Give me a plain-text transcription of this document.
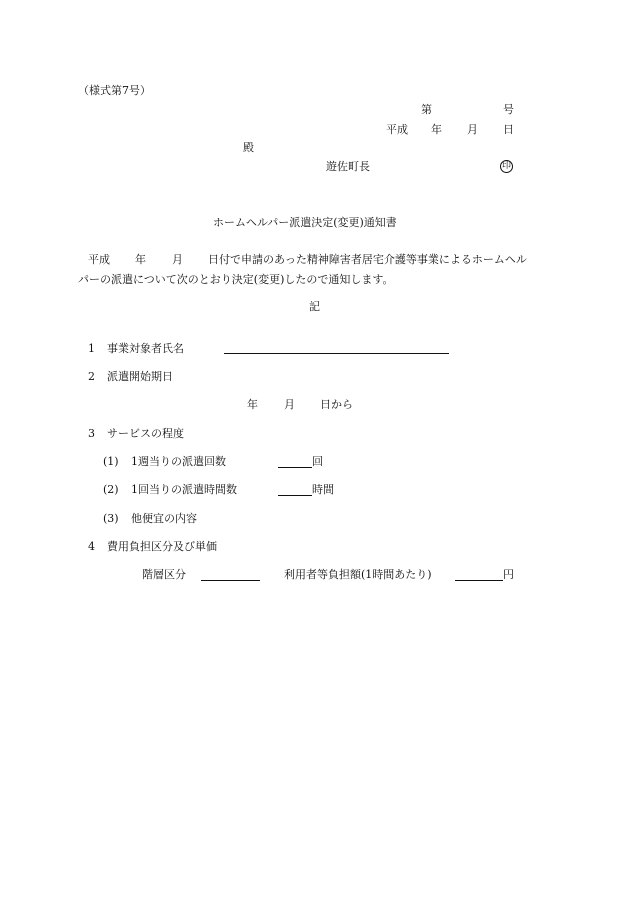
（様式第7号）
第	号
平成 年 月 日
殿
遊佐町長	印
ホームヘルパー派遣決定(変更)通知書
平成 年 月 日付で申請のあった精神障害者居宅介護等事業によるホームヘル
パーの派遣について次のとおり決定(変更)したので通知します。
記
1 事業対象者氏名
2 派遣開始期日
年 月 日から
3 サービスの程度
(1) 1週当りの派遣回数	回
(2) 1回当りの派遣時間数	時間
(3) 他便宜の内容
4 費用負担区分及び単価
階層区分	利用者等負担額(1時間あたり)	円
